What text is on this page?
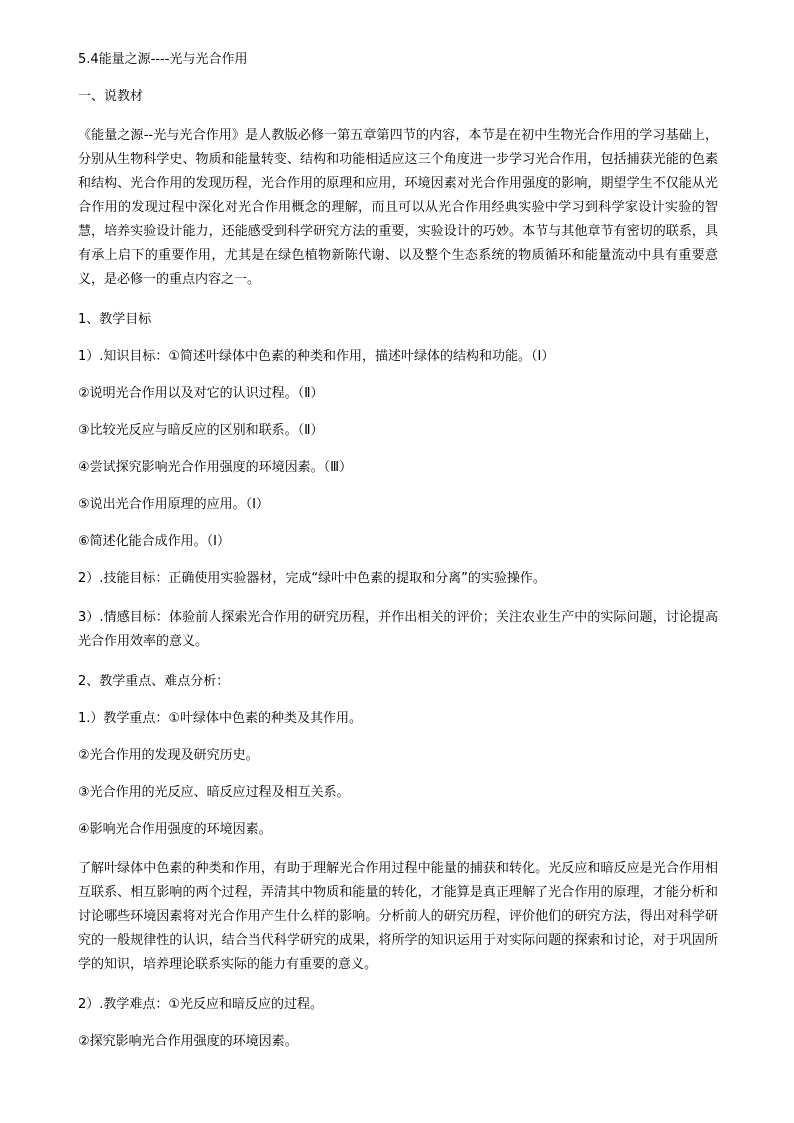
5.4能量之源----光与光合作用

一、说教材

《能量之源--光与光合作用》是人教版必修一第五章第四节的内容，本节是在初中生物光合作用的学习基础上，分别从生物科学史、物质和能量转变、结构和功能相适应这三个角度进一步学习光合作用，包括捕获光能的色素和结构、光合作用的发现历程，光合作用的原理和应用，环境因素对光合作用强度的影响，期望学生不仅能从光合作用的发现过程中深化对光合作用概念的理解，而且可以从光合作用经典实验中学习到科学家设计实验的智慧，培养实验设计能力，还能感受到科学研究方法的重要，实验设计的巧妙。本节与其他章节有密切的联系，具有承上启下的重要作用，尤其是在绿色植物新陈代谢、以及整个生态系统的物质循环和能量流动中具有重要意义，是必修一的重点内容之一。

1、教学目标

1）.知识目标：①简述叶绿体中色素的种类和作用，描述叶绿体的结构和功能。（Ⅰ）

②说明光合作用以及对它的认识过程。（Ⅱ）

③比较光反应与暗反应的区别和联系。（Ⅱ）

④尝试探究影响光合作用强度的环境因素。（Ⅲ）

⑤说出光合作用原理的应用。（Ⅰ）

⑥简述化能合成作用。（Ⅰ）

2）.技能目标：正确使用实验器材，完成“绿叶中色素的提取和分离”的实验操作。

3）.情感目标：体验前人探索光合作用的研究历程，并作出相关的评价；关注农业生产中的实际问题，讨论提高光合作用效率的意义。

2、教学重点、难点分析：

1.）教学重点：①叶绿体中色素的种类及其作用。

②光合作用的发现及研究历史。

③光合作用的光反应、暗反应过程及相互关系。

④影响光合作用强度的环境因素。

了解叶绿体中色素的种类和作用，有助于理解光合作用过程中能量的捕获和转化。光反应和暗反应是光合作用相互联系、相互影响的两个过程，弄清其中物质和能量的转化，才能算是真正理解了光合作用的原理，才能分析和讨论哪些环境因素将对光合作用产生什么样的影响。分析前人的研究历程，评价他们的研究方法，得出对科学研究的一般规律性的认识，结合当代科学研究的成果，将所学的知识运用于对实际问题的探索和讨论，对于巩固所学的知识，培养理论联系实际的能力有重要的意义。

2）.教学难点：①光反应和暗反应的过程。

②探究影响光合作用强度的环境因素。
